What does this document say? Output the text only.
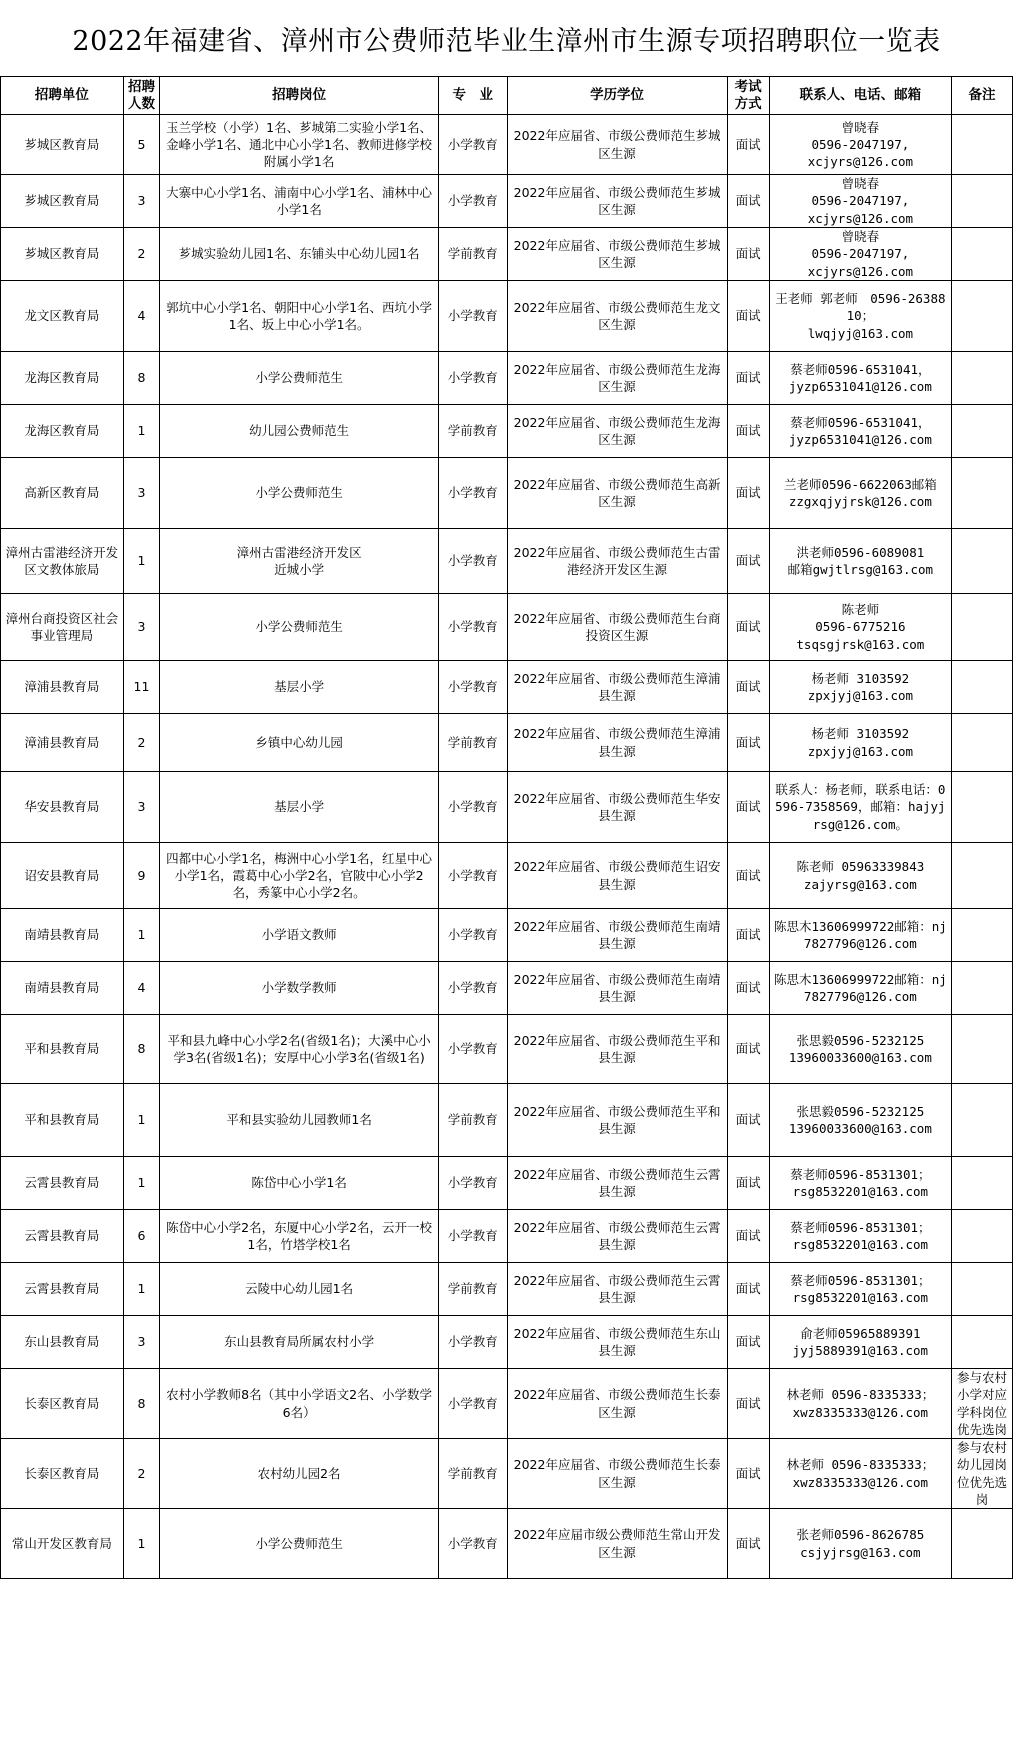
2022年福建省、漳州市公费师范毕业生漳州市生源专项招聘职位一览表
招聘单位	招聘人数	招聘岗位	专　业	学历学位	考试方式	联系人、电话、邮箱	备注
芗城区教育局	5	玉兰学校（小学）1名、芗城第二实验小学1名、金峰小学1名、通北中心小学1名、教师进修学校附属小学1名	小学教育	2022年应届省、市级公费师范生芗城区生源	面试	曾晓春
0596-2047197,
xcjyrs@126.com	
芗城区教育局	3	大寨中心小学1名、浦南中心小学1名、浦林中心小学1名	小学教育	2022年应届省、市级公费师范生芗城区生源	面试	曾晓春
0596-2047197,
xcjyrs@126.com	
芗城区教育局	2	芗城实验幼儿园1名、东铺头中心幼儿园1名	学前教育	2022年应届省、市级公费师范生芗城区生源	面试	曾晓春
0596-2047197,
xcjyrs@126.com	
龙文区教育局	4	郭坑中心小学1名、朝阳中心小学1名、西坑小学1名、坂上中心小学1名。	小学教育	2022年应届省、市级公费师范生龙文区生源	面试	王老师 郭老师　0596-2638810；
lwqjyj@163.com	
龙海区教育局	8	小学公费师范生	小学教育	2022年应届省、市级公费师范生龙海区生源	面试	蔡老师0596-6531041，
jyzp6531041@126.com	
龙海区教育局	1	幼儿园公费师范生	学前教育	2022年应届省、市级公费师范生龙海区生源	面试	蔡老师0596-6531041，
jyzp6531041@126.com	
高新区教育局	3	小学公费师范生	小学教育	2022年应届省、市级公费师范生高新区生源	面试	兰老师0596-6622063邮箱
zzgxqjyjrsk@126.com	
漳州古雷港经济开发区文教体旅局	1	漳州古雷港经济开发区
近城小学	小学教育	2022年应届省、市级公费师范生古雷港经济开发区生源	面试	洪老师0596-6089081
邮箱gwjtlrsg@163.com	
漳州台商投资区社会事业管理局	3	小学公费师范生	小学教育	2022年应届省、市级公费师范生台商投资区生源	面试	陈老师
0596-6775216
tsqsgjrsk@163.com	
漳浦县教育局	11	基层小学	小学教育	2022年应届省、市级公费师范生漳浦县生源	面试	杨老师 3103592
zpxjyj@163.com	
漳浦县教育局	2	乡镇中心幼儿园	学前教育	2022年应届省、市级公费师范生漳浦县生源	面试	杨老师 3103592
zpxjyj@163.com	
华安县教育局	3	基层小学	小学教育	2022年应届省、市级公费师范生华安县生源	面试	联系人：杨老师，联系电话：0596-7358569，邮箱：hajyjrsg@126.com。	
诏安县教育局	9	四都中心小学1名，梅洲中心小学1名，红星中心小学1名，霞葛中心小学2名，官陂中心小学2名，秀篆中心小学2名。	小学教育	2022年应届省、市级公费师范生诏安县生源	面试	陈老师 05963339843
zajyrsg@163.com	
南靖县教育局	1	小学语文教师	小学教育	2022年应届省、市级公费师范生南靖县生源	面试	陈思木13606999722邮箱：nj7827796@126.com	
南靖县教育局	4	小学数学教师	小学教育	2022年应届省、市级公费师范生南靖县生源	面试	陈思木13606999722邮箱：nj7827796@126.com	
平和县教育局	8	平和县九峰中心小学2名(省级1名)；大溪中心小学3名(省级1名)；安厚中心小学3名(省级1名)	小学教育	2022年应届省、市级公费师范生平和县生源	面试	张思毅0596-5232125
13960033600@163.com	
平和县教育局	1	平和县实验幼儿园教师1名	学前教育	2022年应届省、市级公费师范生平和县生源	面试	张思毅0596-5232125
13960033600@163.com	
云霄县教育局	1	陈岱中心小学1名	小学教育	2022年应届省、市级公费师范生云霄县生源	面试	蔡老师0596-8531301；
rsg8532201@163.com	
云霄县教育局	6	陈岱中心小学2名，东厦中心小学2名，云开一校1名，竹塔学校1名	小学教育	2022年应届省、市级公费师范生云霄县生源	面试	蔡老师0596-8531301；
rsg8532201@163.com	
云霄县教育局	1	云陵中心幼儿园1名	学前教育	2022年应届省、市级公费师范生云霄县生源	面试	蔡老师0596-8531301；
rsg8532201@163.com	
东山县教育局	3	东山县教育局所属农村小学	小学教育	2022年应届省、市级公费师范生东山县生源	面试	俞老师05965889391
jyj5889391@163.com	
长泰区教育局	8	农村小学教师8名（其中小学语文2名、小学数学6名）	小学教育	2022年应届省、市级公费师范生长泰区生源	面试	林老师 0596-8335333；
xwz8335333@126.com	参与农村小学对应学科岗位优先选岗
长泰区教育局	2	农村幼儿园2名	学前教育	2022年应届省、市级公费师范生长泰区生源	面试	林老师 0596-8335333；
xwz8335333@126.com	参与农村幼儿园岗位优先选岗
常山开发区教育局	1	小学公费师范生	小学教育	2022年应届市级公费师范生常山开发区生源	面试	张老师0596-8626785
csjyjrsg@163.com	
